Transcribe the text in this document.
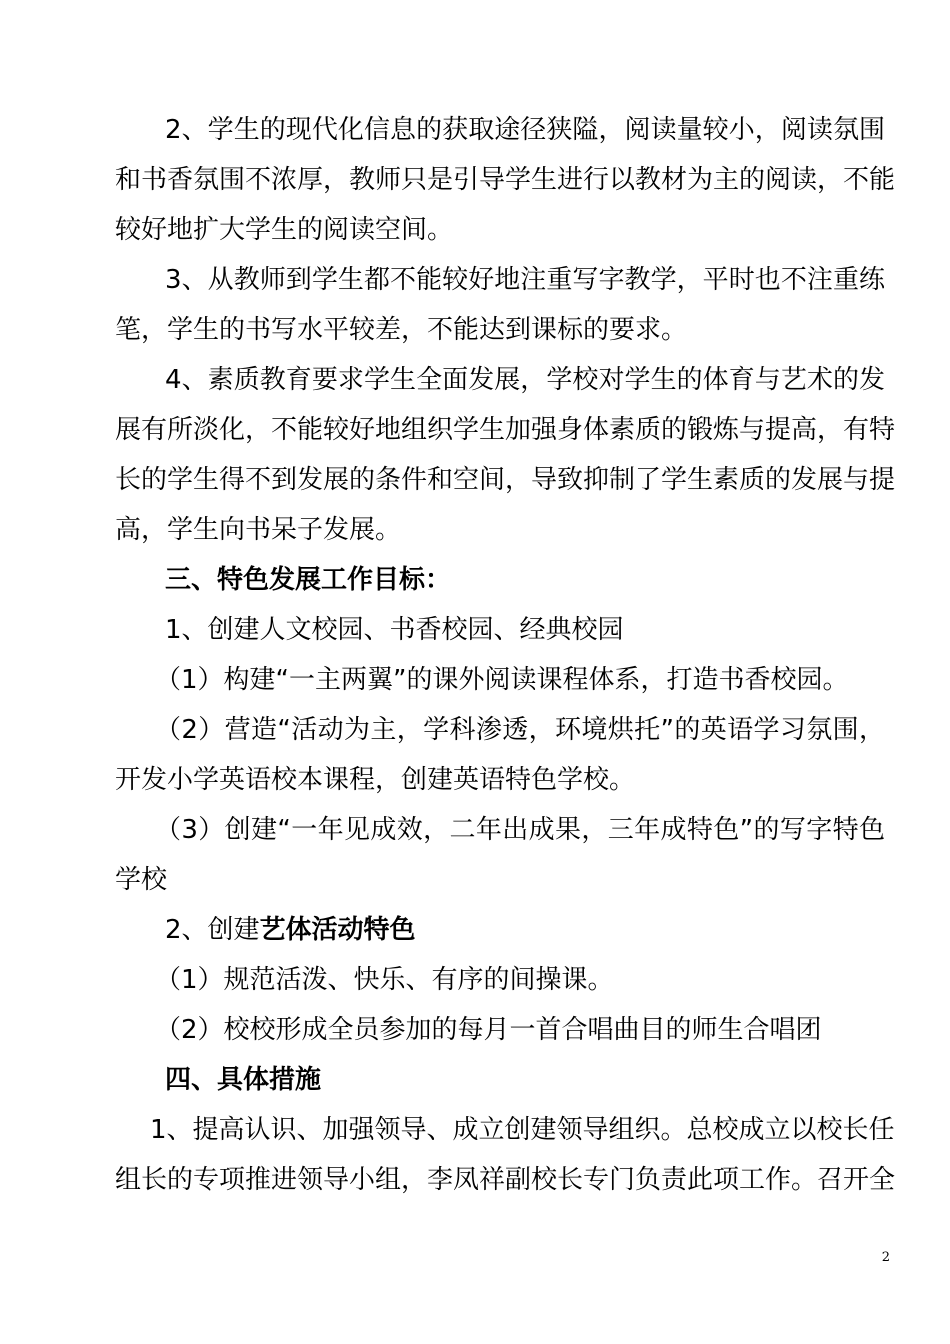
2、学生的现代化信息的获取途径狭隘，阅读量较小，阅读氛围
和书香氛围不浓厚，教师只是引导学生进行以教材为主的阅读，不能
较好地扩大学生的阅读空间。
3、从教师到学生都不能较好地注重写字教学，平时也不注重练
笔，学生的书写水平较差，不能达到课标的要求。
4、素质教育要求学生全面发展，学校对学生的体育与艺术的发
展有所淡化，不能较好地组织学生加强身体素质的锻炼与提高，有特
长的学生得不到发展的条件和空间，导致抑制了学生素质的发展与提
高，学生向书呆子发展。
三、特色发展工作目标：
1、创建人文校园、书香校园、经典校园
（1）构建“一主两翼”的课外阅读课程体系，打造书香校园。
（2）营造“活动为主，学科渗透，环境烘托”的英语学习氛围，
开发小学英语校本课程，创建英语特色学校。
（3）创建“一年见成效，二年出成果，三年成特色”的写字特色
学校
2、创建艺体活动特色
（1）规范活泼、快乐、有序的间操课。
（2）校校形成全员参加的每月一首合唱曲目的师生合唱团
四、具体措施
1、提高认识、加强领导、成立创建领导组织。总校成立以校长任
组长的专项推进领导小组，李凤祥副校长专门负责此项工作。召开全
2
